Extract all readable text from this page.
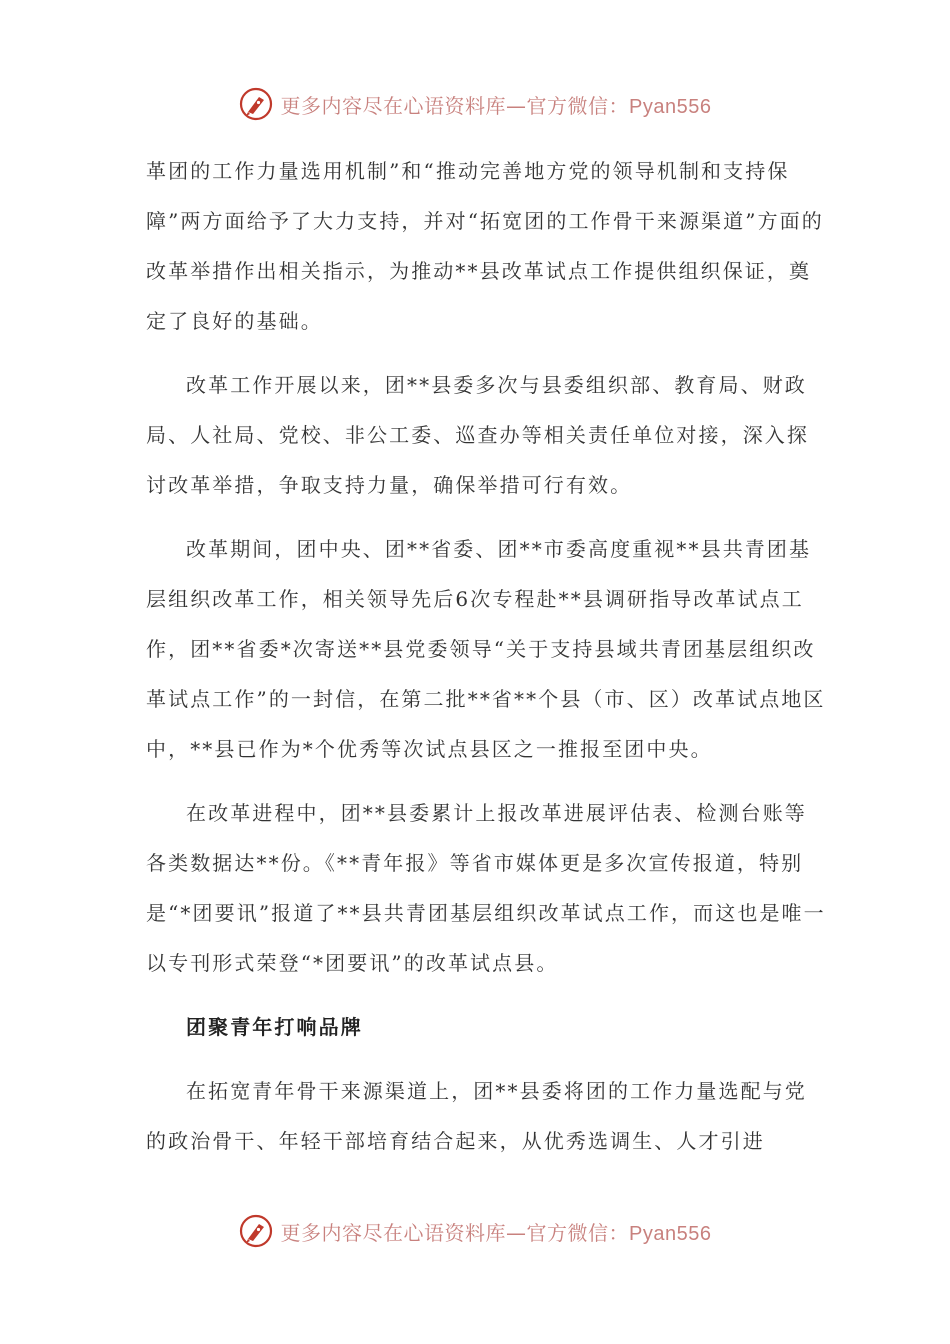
更多内容尽在心语资料库—官方微信：Pyan556

革团的工作力量选用机制”和“推动完善地方党的领导机制和支持保障”两方面给予了大力支持，并对“拓宽团的工作骨干来源渠道”方面的改革举措作出相关指示，为推动**县改革试点工作提供组织保证，奠定了良好的基础。

改革工作开展以来，团**县委多次与县委组织部、教育局、财政局、人社局、党校、非公工委、巡查办等相关责任单位对接，深入探讨改革举措，争取支持力量，确保举措可行有效。

改革期间，团中央、团**省委、团**市委高度重视**县共青团基层组织改革工作，相关领导先后6次专程赴**县调研指导改革试点工作，团**省委*次寄送**县党委领导“关于支持县域共青团基层组织改革试点工作”的一封信，在第二批**省**个县（市、区）改革试点地区中，**县已作为*个优秀等次试点县区之一推报至团中央。

在改革进程中，团**县委累计上报改革进展评估表、检测台账等各类数据达**份。《**青年报》等省市媒体更是多次宣传报道，特别是“*团要讯”报道了**县共青团基层组织改革试点工作，而这也是唯一以专刊形式荣登“*团要讯”的改革试点县。

团聚青年打响品牌

在拓宽青年骨干来源渠道上，团**县委将团的工作力量选配与党的政治骨干、年轻干部培育结合起来，从优秀选调生、人才引进

更多内容尽在心语资料库—官方微信：Pyan556
